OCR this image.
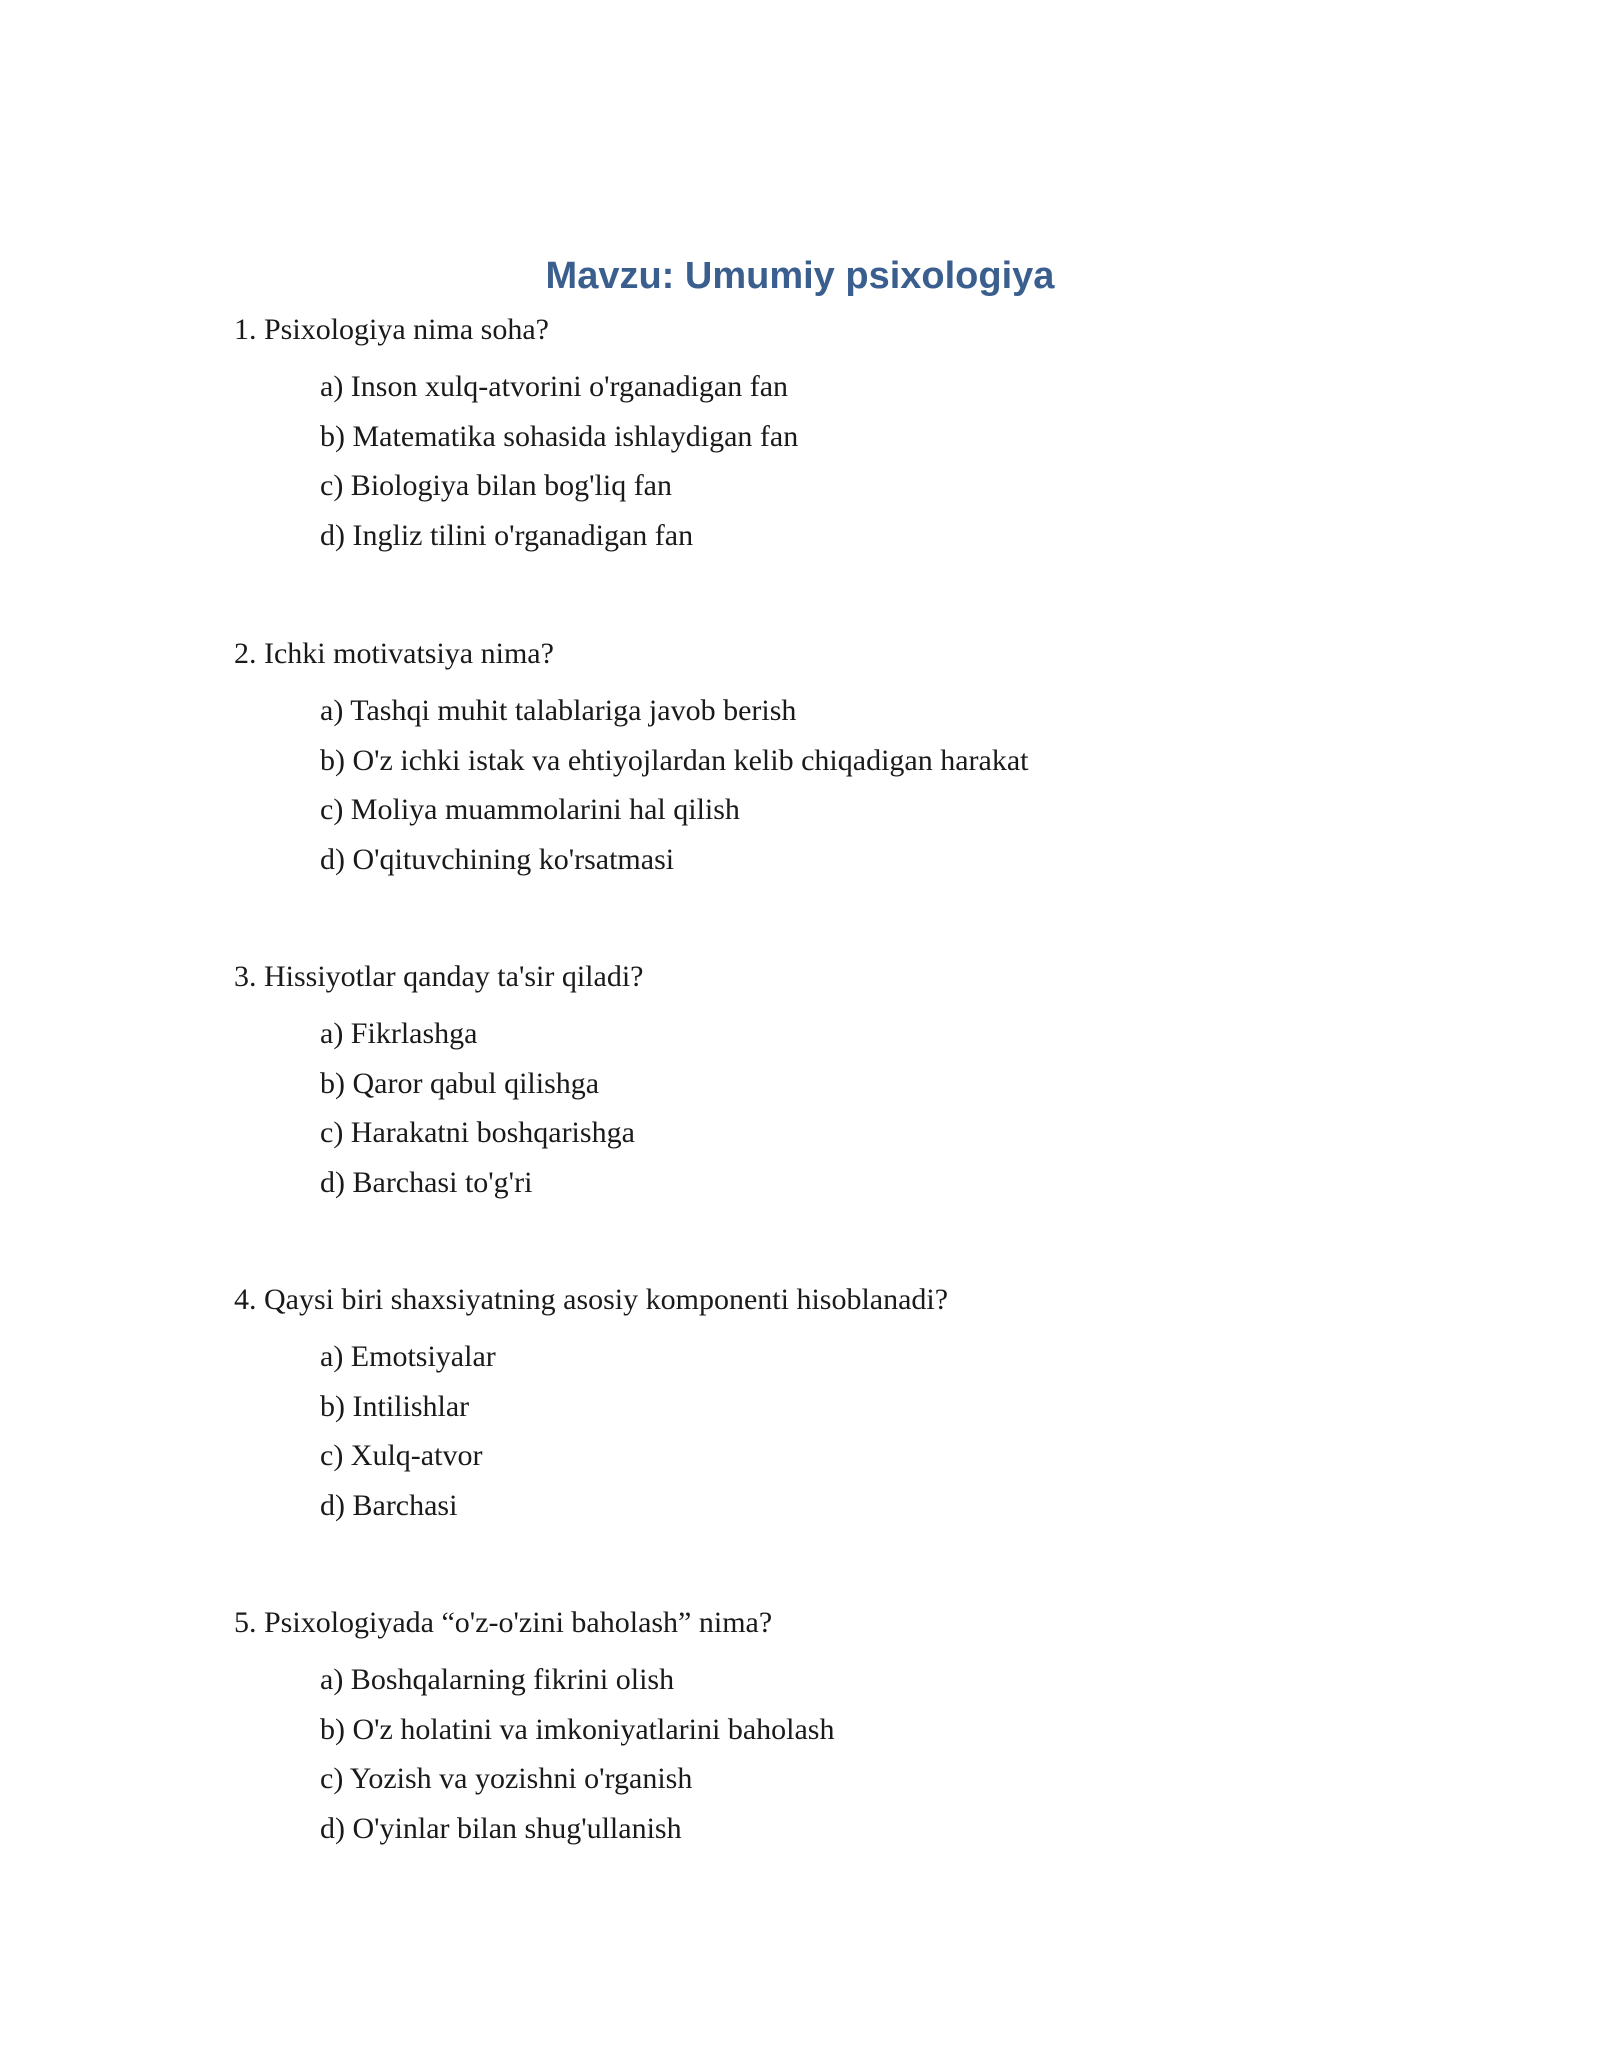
Mavzu: Umumiy psixologiya
1. Psixologiya nima soha?
a) Inson xulq-atvorini o'rganadigan fan
b) Matematika sohasida ishlaydigan fan
c) Biologiya bilan bog'liq fan
d) Ingliz tilini o'rganadigan fan
2. Ichki motivatsiya nima?
a) Tashqi muhit talablariga javob berish
b) O'z ichki istak va ehtiyojlardan kelib chiqadigan harakat
c) Moliya muammolarini hal qilish
d) O'qituvchining ko'rsatmasi
3. Hissiyotlar qanday ta'sir qiladi?
a) Fikrlashga
b) Qaror qabul qilishga
c) Harakatni boshqarishga
d) Barchasi to'g'ri
4. Qaysi biri shaxsiyatning asosiy komponenti hisoblanadi?
a) Emotsiyalar
b) Intilishlar
c) Xulq-atvor
d) Barchasi
5. Psixologiyada “o'z-o'zini baholash” nima?
a) Boshqalarning fikrini olish
b) O'z holatini va imkoniyatlarini baholash
c) Yozish va yozishni o'rganish
d) O'yinlar bilan shug'ullanish
